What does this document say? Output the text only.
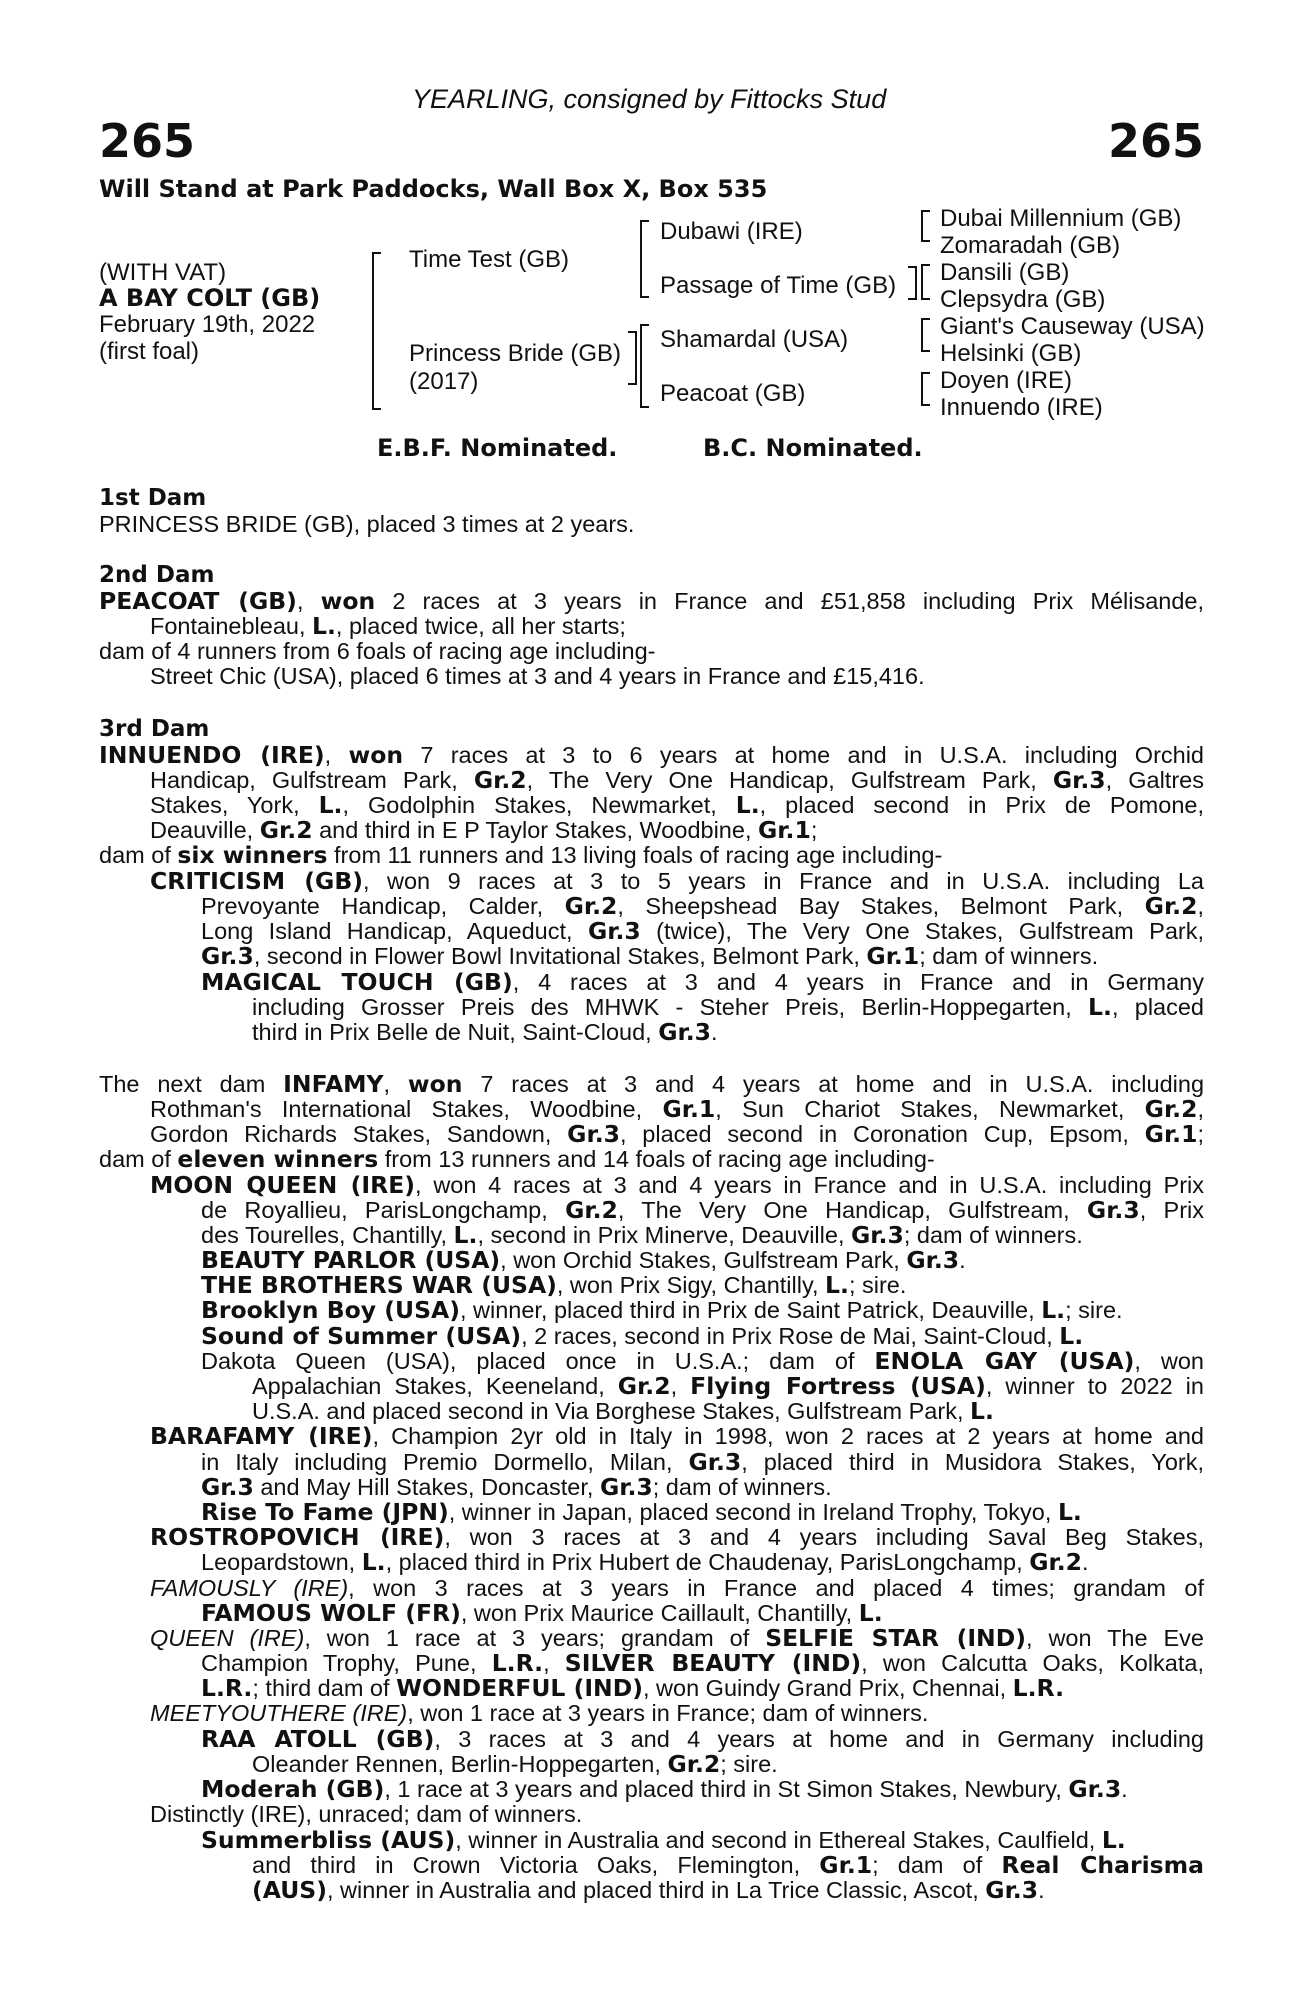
265	265
YEARLING, consigned by Fittocks Stud
Will Stand at Park Paddocks, Wall Box X, Box 535
(WITH VAT)
A BAY COLT (GB)
February 19th, 2022
(first foal)
Time Test (GB)
Princess Bride (GB)
(2017)
Dubawi (IRE)
Passage of Time (GB)
Shamardal (USA)
Peacoat (GB)
Dubai Millennium (GB)
Zomaradah (GB)
Dansili (GB)
Clepsydra (GB)
Giant's Causeway (USA)
Helsinki (GB)
Doyen (IRE)
Innuendo (IRE)
E.B.F. Nominated.	B.C. Nominated.
1st Dam
2nd Dam
3rd Dam
PRINCESS BRIDE (GB), placed 3 times at 2 years.
PEACOAT (GB), won 2 races at 3 years in France and £51,858 including Prix Mélisande,
Fontainebleau, L., placed twice, all her starts;
dam of 4 runners from 6 foals of racing age including-
Street Chic (USA), placed 6 times at 3 and 4 years in France and £15,416.
INNUENDO (IRE), won 7 races at 3 to 6 years at home and in U.S.A. including Orchid
Handicap, Gulfstream Park, Gr.2, The Very One Handicap, Gulfstream Park, Gr.3, Galtres
Stakes, York, L., Godolphin Stakes, Newmarket, L., placed second in Prix de Pomone,
Deauville, Gr.2 and third in E P Taylor Stakes, Woodbine, Gr.1;
dam of six winners from 11 runners and 13 living foals of racing age including-
CRITICISM (GB), won 9 races at 3 to 5 years in France and in U.S.A. including La
Prevoyante Handicap, Calder, Gr.2, Sheepshead Bay Stakes, Belmont Park, Gr.2,
Long Island Handicap, Aqueduct, Gr.3 (twice), The Very One Stakes, Gulfstream Park,
Gr.3, second in Flower Bowl Invitational Stakes, Belmont Park, Gr.1; dam of winners.
MAGICAL TOUCH (GB), 4 races at 3 and 4 years in France and in Germany
including Grosser Preis des MHWK - Steher Preis, Berlin-Hoppegarten, L., placed
third in Prix Belle de Nuit, Saint-Cloud, Gr.3.
The next dam INFAMY, won 7 races at 3 and 4 years at home and in U.S.A. including
Rothman's International Stakes, Woodbine, Gr.1, Sun Chariot Stakes, Newmarket, Gr.2,
Gordon Richards Stakes, Sandown, Gr.3, placed second in Coronation Cup, Epsom, Gr.1;
dam of eleven winners from 13 runners and 14 foals of racing age including-
MOON QUEEN (IRE), won 4 races at 3 and 4 years in France and in U.S.A. including Prix
de Royallieu, ParisLongchamp, Gr.2, The Very One Handicap, Gulfstream, Gr.3, Prix
des Tourelles, Chantilly, L., second in Prix Minerve, Deauville, Gr.3; dam of winners.
BEAUTY PARLOR (USA), won Orchid Stakes, Gulfstream Park, Gr.3.
THE BROTHERS WAR (USA), won Prix Sigy, Chantilly, L.; sire.
Brooklyn Boy (USA), winner, placed third in Prix de Saint Patrick, Deauville, L.; sire.
Sound of Summer (USA), 2 races, second in Prix Rose de Mai, Saint-Cloud, L.
Dakota Queen (USA), placed once in U.S.A.; dam of ENOLA GAY (USA), won
Appalachian Stakes, Keeneland, Gr.2, Flying Fortress (USA), winner to 2022 in
U.S.A. and placed second in Via Borghese Stakes, Gulfstream Park, L.
BARAFAMY (IRE), Champion 2yr old in Italy in 1998, won 2 races at 2 years at home and
in Italy including Premio Dormello, Milan, Gr.3, placed third in Musidora Stakes, York,
Gr.3 and May Hill Stakes, Doncaster, Gr.3; dam of winners.
Rise To Fame (JPN), winner in Japan, placed second in Ireland Trophy, Tokyo, L.
ROSTROPOVICH (IRE), won 3 races at 3 and 4 years including Saval Beg Stakes,
Leopardstown, L., placed third in Prix Hubert de Chaudenay, ParisLongchamp, Gr.2.
FAMOUSLY (IRE), won 3 races at 3 years in France and placed 4 times; grandam of
FAMOUS WOLF (FR), won Prix Maurice Caillault, Chantilly, L.
QUEEN (IRE), won 1 race at 3 years; grandam of SELFIE STAR (IND), won The Eve
Champion Trophy, Pune, L.R., SILVER BEAUTY (IND), won Calcutta Oaks, Kolkata,
L.R.; third dam of WONDERFUL (IND), won Guindy Grand Prix, Chennai, L.R.
MEETYOUTHERE (IRE), won 1 race at 3 years in France; dam of winners.
RAA ATOLL (GB), 3 races at 3 and 4 years at home and in Germany including
Oleander Rennen, Berlin-Hoppegarten, Gr.2; sire.
Moderah (GB), 1 race at 3 years and placed third in St Simon Stakes, Newbury, Gr.3.
Distinctly (IRE), unraced; dam of winners.
Summerbliss (AUS), winner in Australia and second in Ethereal Stakes, Caulfield, L.
and third in Crown Victoria Oaks, Flemington, Gr.1; dam of Real Charisma
(AUS), winner in Australia and placed third in La Trice Classic, Ascot, Gr.3.
